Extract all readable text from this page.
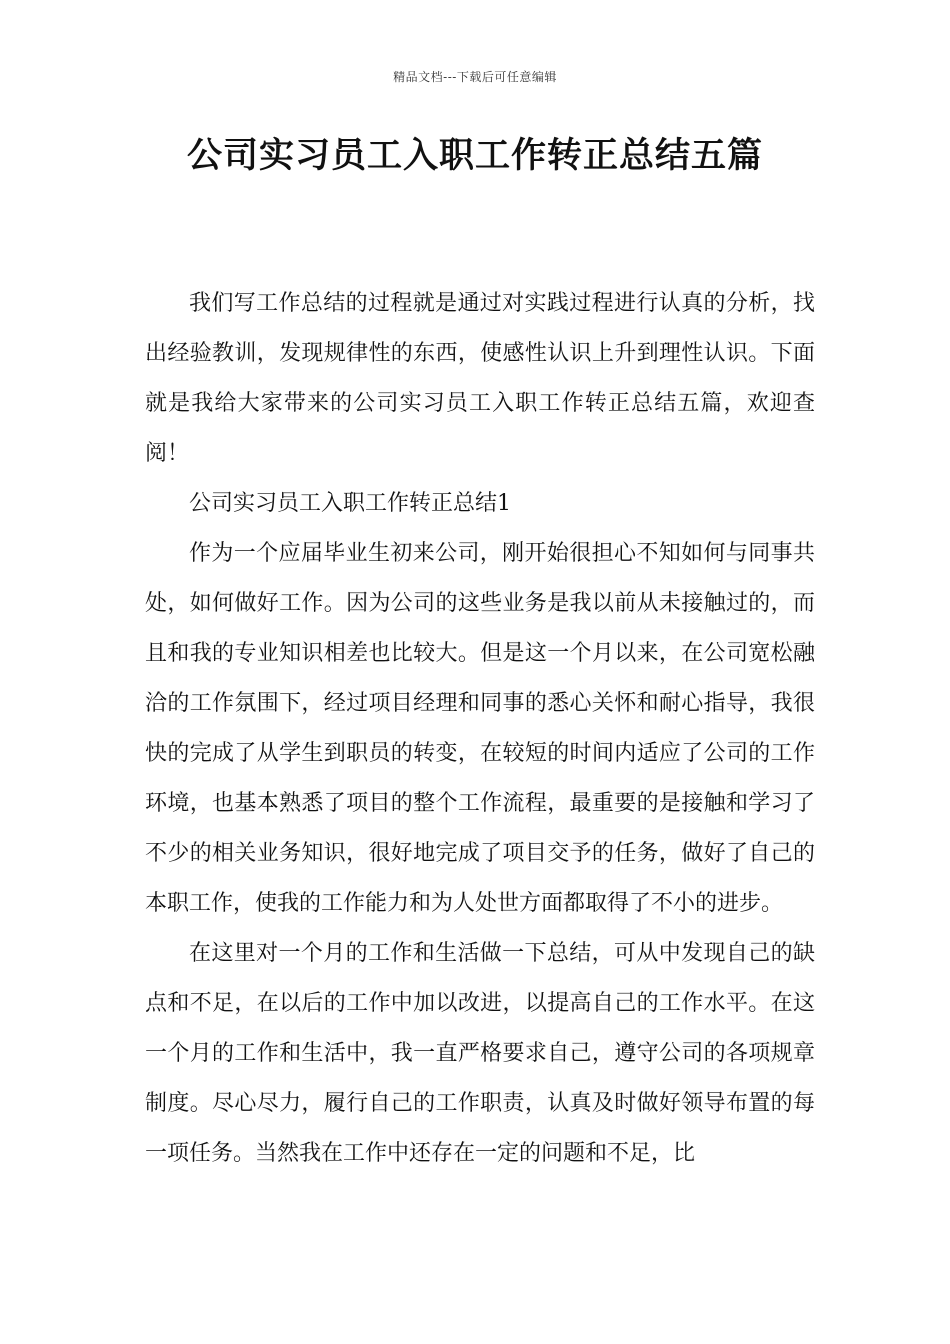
精品文档---下载后可任意编辑
公司实习员工入职工作转正总结五篇

我们写工作总结的过程就是通过对实践过程进行认真的分析，找出经验教训，发现规律性的东西，使感性认识上升到理性认识。下面就是我给大家带来的公司实习员工入职工作转正总结五篇，欢迎查阅！

公司实习员工入职工作转正总结1

作为一个应届毕业生初来公司，刚开始很担心不知如何与同事共处，如何做好工作。因为公司的这些业务是我以前从未接触过的，而且和我的专业知识相差也比较大。但是这一个月以来，在公司宽松融洽的工作氛围下，经过项目经理和同事的悉心关怀和耐心指导，我很快的完成了从学生到职员的转变，在较短的时间内适应了公司的工作环境，也基本熟悉了项目的整个工作流程，最重要的是接触和学习了不少的相关业务知识，很好地完成了项目交予的任务，做好了自己的本职工作，使我的工作能力和为人处世方面都取得了不小的进步。

在这里对一个月的工作和生活做一下总结，可从中发现自己的缺点和不足，在以后的工作中加以改进，以提高自己的工作水平。在这一个月的工作和生活中，我一直严格要求自己，遵守公司的各项规章制度。尽心尽力，履行自己的工作职责，认真及时做好领导布置的每一项任务。当然我在工作中还存在一定的问题和不足，比
